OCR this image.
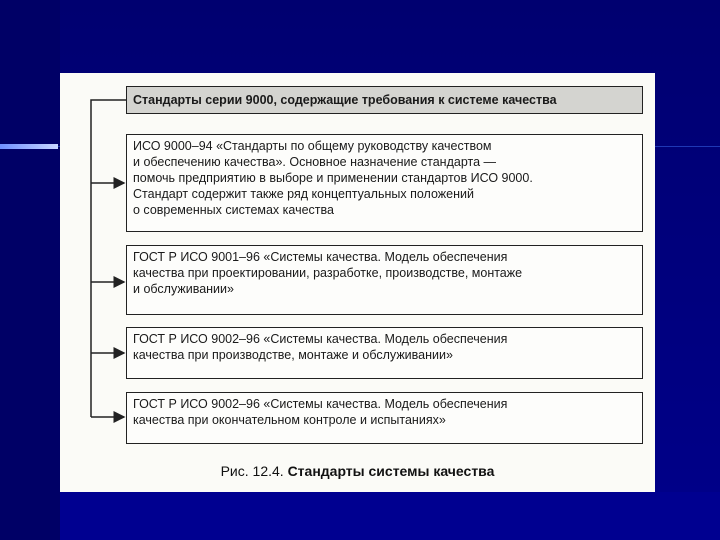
Стандарты серии 9000, содержащие требования к системе качества
ИСО 9000–94 «Стандарты по общему руководству качеством
и обеспечению качества». Основное назначение стандарта —
помочь предприятию в выборе и применении стандартов ИСО 9000.
Стандарт содержит также ряд концептуальных положений
о современных системах качества
ГОСТ Р ИСО 9001–96 «Системы качества. Модель обеспечения
качества при проектировании, разработке, производстве, монтаже
и обслуживании»
ГОСТ Р ИСО 9002–96 «Системы качества. Модель обеспечения
качества при производстве, монтаже и обслуживании»
ГОСТ Р ИСО 9002–96 «Системы качества. Модель обеспечения
качества при окончательном контроле и испытаниях»
Рис. 12.4. Стандарты системы качества
